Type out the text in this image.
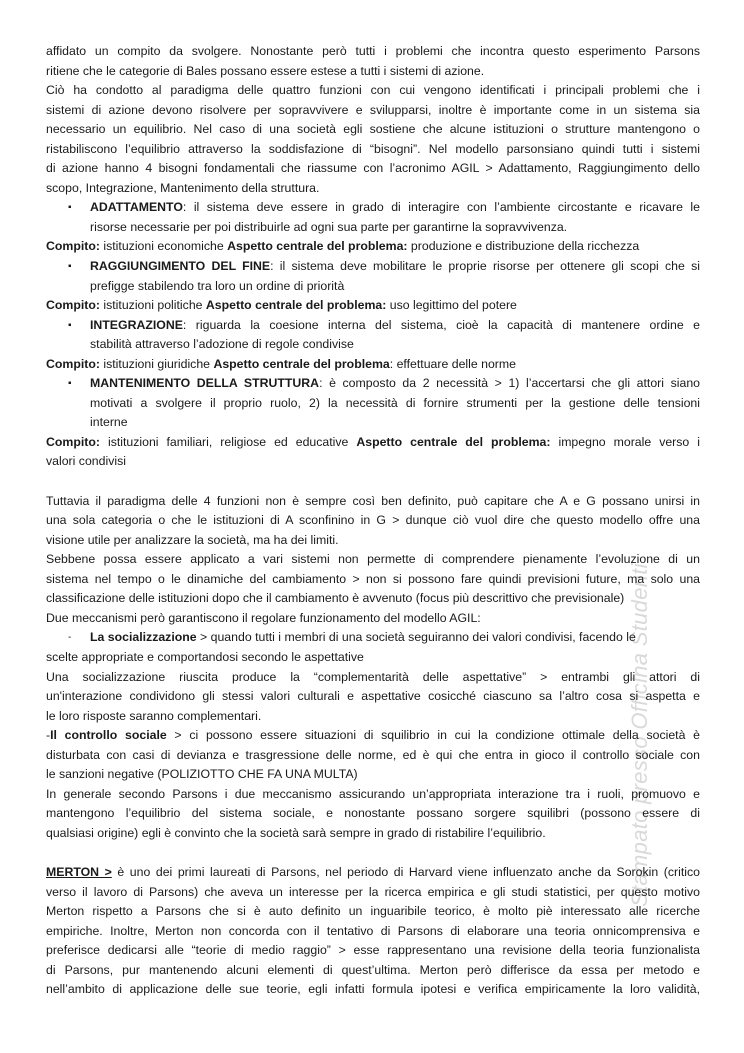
Stampato presso Officina Studenti
affidato un compito da svolgere. Nonostante però tutti i problemi che incontra questo esperimento Parsons
ritiene che le categorie di Bales possano essere estese a tutti i sistemi di azione.
Ciò ha condotto al paradigma delle quattro funzioni con cui vengono identificati i principali problemi che i
sistemi di azione devono risolvere per sopravvivere e svilupparsi, inoltre è importante come in un sistema sia
necessario un equilibrio. Nel caso di una società egli sostiene che alcune istituzioni o strutture mantengono o
ristabiliscono l’equilibrio attraverso la soddisfazione di “bisogni”. Nel modello parsonsiano quindi tutti i sistemi
di azione hanno 4 bisogni fondamentali che riassume con l’acronimo AGIL > Adattamento, Raggiungimento dello
scopo, Integrazione, Mantenimento della struttura.
▪ ADATTAMENTO: il sistema deve essere in grado di interagire con l’ambiente circostante e ricavare le
risorse necessarie per poi distribuirle ad ogni sua parte per garantirne la sopravvivenza.
Compito: istituzioni economiche Aspetto centrale del problema: produzione e distribuzione della ricchezza
▪ RAGGIUNGIMENTO DEL FINE: il sistema deve mobilitare le proprie risorse per ottenere gli scopi che si
prefigge stabilendo tra loro un ordine di priorità
Compito: istituzioni politiche Aspetto centrale del problema: uso legittimo del potere
▪ INTEGRAZIONE: riguarda la coesione interna del sistema, cioè la capacità di mantenere ordine e
stabilità attraverso l’adozione di regole condivise
Compito: istituzioni giuridiche Aspetto centrale del problema: effettuare delle norme
▪ MANTENIMENTO DELLA STRUTTURA: è composto da 2 necessità > 1) l’accertarsi che gli attori siano
motivati a svolgere il proprio ruolo, 2) la necessità di fornire strumenti per la gestione delle tensioni
interne
Compito: istituzioni familiari, religiose ed educative Aspetto centrale del problema: impegno morale verso i
valori condivisi
Tuttavia il paradigma delle 4 funzioni non è sempre così ben definito, può capitare che A e G possano unirsi in
una sola categoria o che le istituzioni di A sconfinino in G > dunque ciò vuol dire che questo modello offre una
visione utile per analizzare la società, ma ha dei limiti.
Sebbene possa essere applicato a vari sistemi non permette di comprendere pienamente l’evoluzione di un
sistema nel tempo o le dinamiche del cambiamento > non si possono fare quindi previsioni future, ma solo una
classificazione delle istituzioni dopo che il cambiamento è avvenuto (focus più descrittivo che previsionale)
Due meccanismi però garantiscono il regolare funzionamento del modello AGIL:
- La socializzazione > quando tutti i membri di una società seguiranno dei valori condivisi, facendo le
scelte appropriate e comportandosi secondo le aspettative
Una socializzazione riuscita produce la “complementarità delle aspettative” > entrambi gli attori di
un'interazione condividono gli stessi valori culturali e aspettative cosicché ciascuno sa l’altro cosa si aspetta e
le loro risposte saranno complementari.
-Il controllo sociale > ci possono essere situazioni di squilibrio in cui la condizione ottimale della società è
disturbata con casi di devianza e trasgressione delle norme, ed è qui che entra in gioco il controllo sociale con
le sanzioni negative (POLIZIOTTO CHE FA UNA MULTA)
In generale secondo Parsons i due meccanismo assicurando un’appropriata interazione tra i ruoli, promuovo e
mantengono l’equilibrio del sistema sociale, e nonostante possano sorgere squilibri (possono essere di
qualsiasi origine) egli è convinto che la società sarà sempre in grado di ristabilire l’equilibrio.
MERTON > è uno dei primi laureati di Parsons, nel periodo di Harvard viene influenzato anche da Sorokin (critico
verso il lavoro di Parsons) che aveva un interesse per la ricerca empirica e gli studi statistici, per questo motivo
Merton rispetto a Parsons che si è auto definito un inguaribile teorico, è molto piè interessato alle ricerche
empiriche. Inoltre, Merton non concorda con il tentativo di Parsons di elaborare una teoria onnicomprensiva e
preferisce dedicarsi alle “teorie di medio raggio” > esse rappresentano una revisione della teoria funzionalista
di Parsons, pur mantenendo alcuni elementi di quest’ultima. Merton però differisce da essa per metodo e
nell’ambito di applicazione delle sue teorie, egli infatti formula ipotesi e verifica empiricamente la loro validità,
